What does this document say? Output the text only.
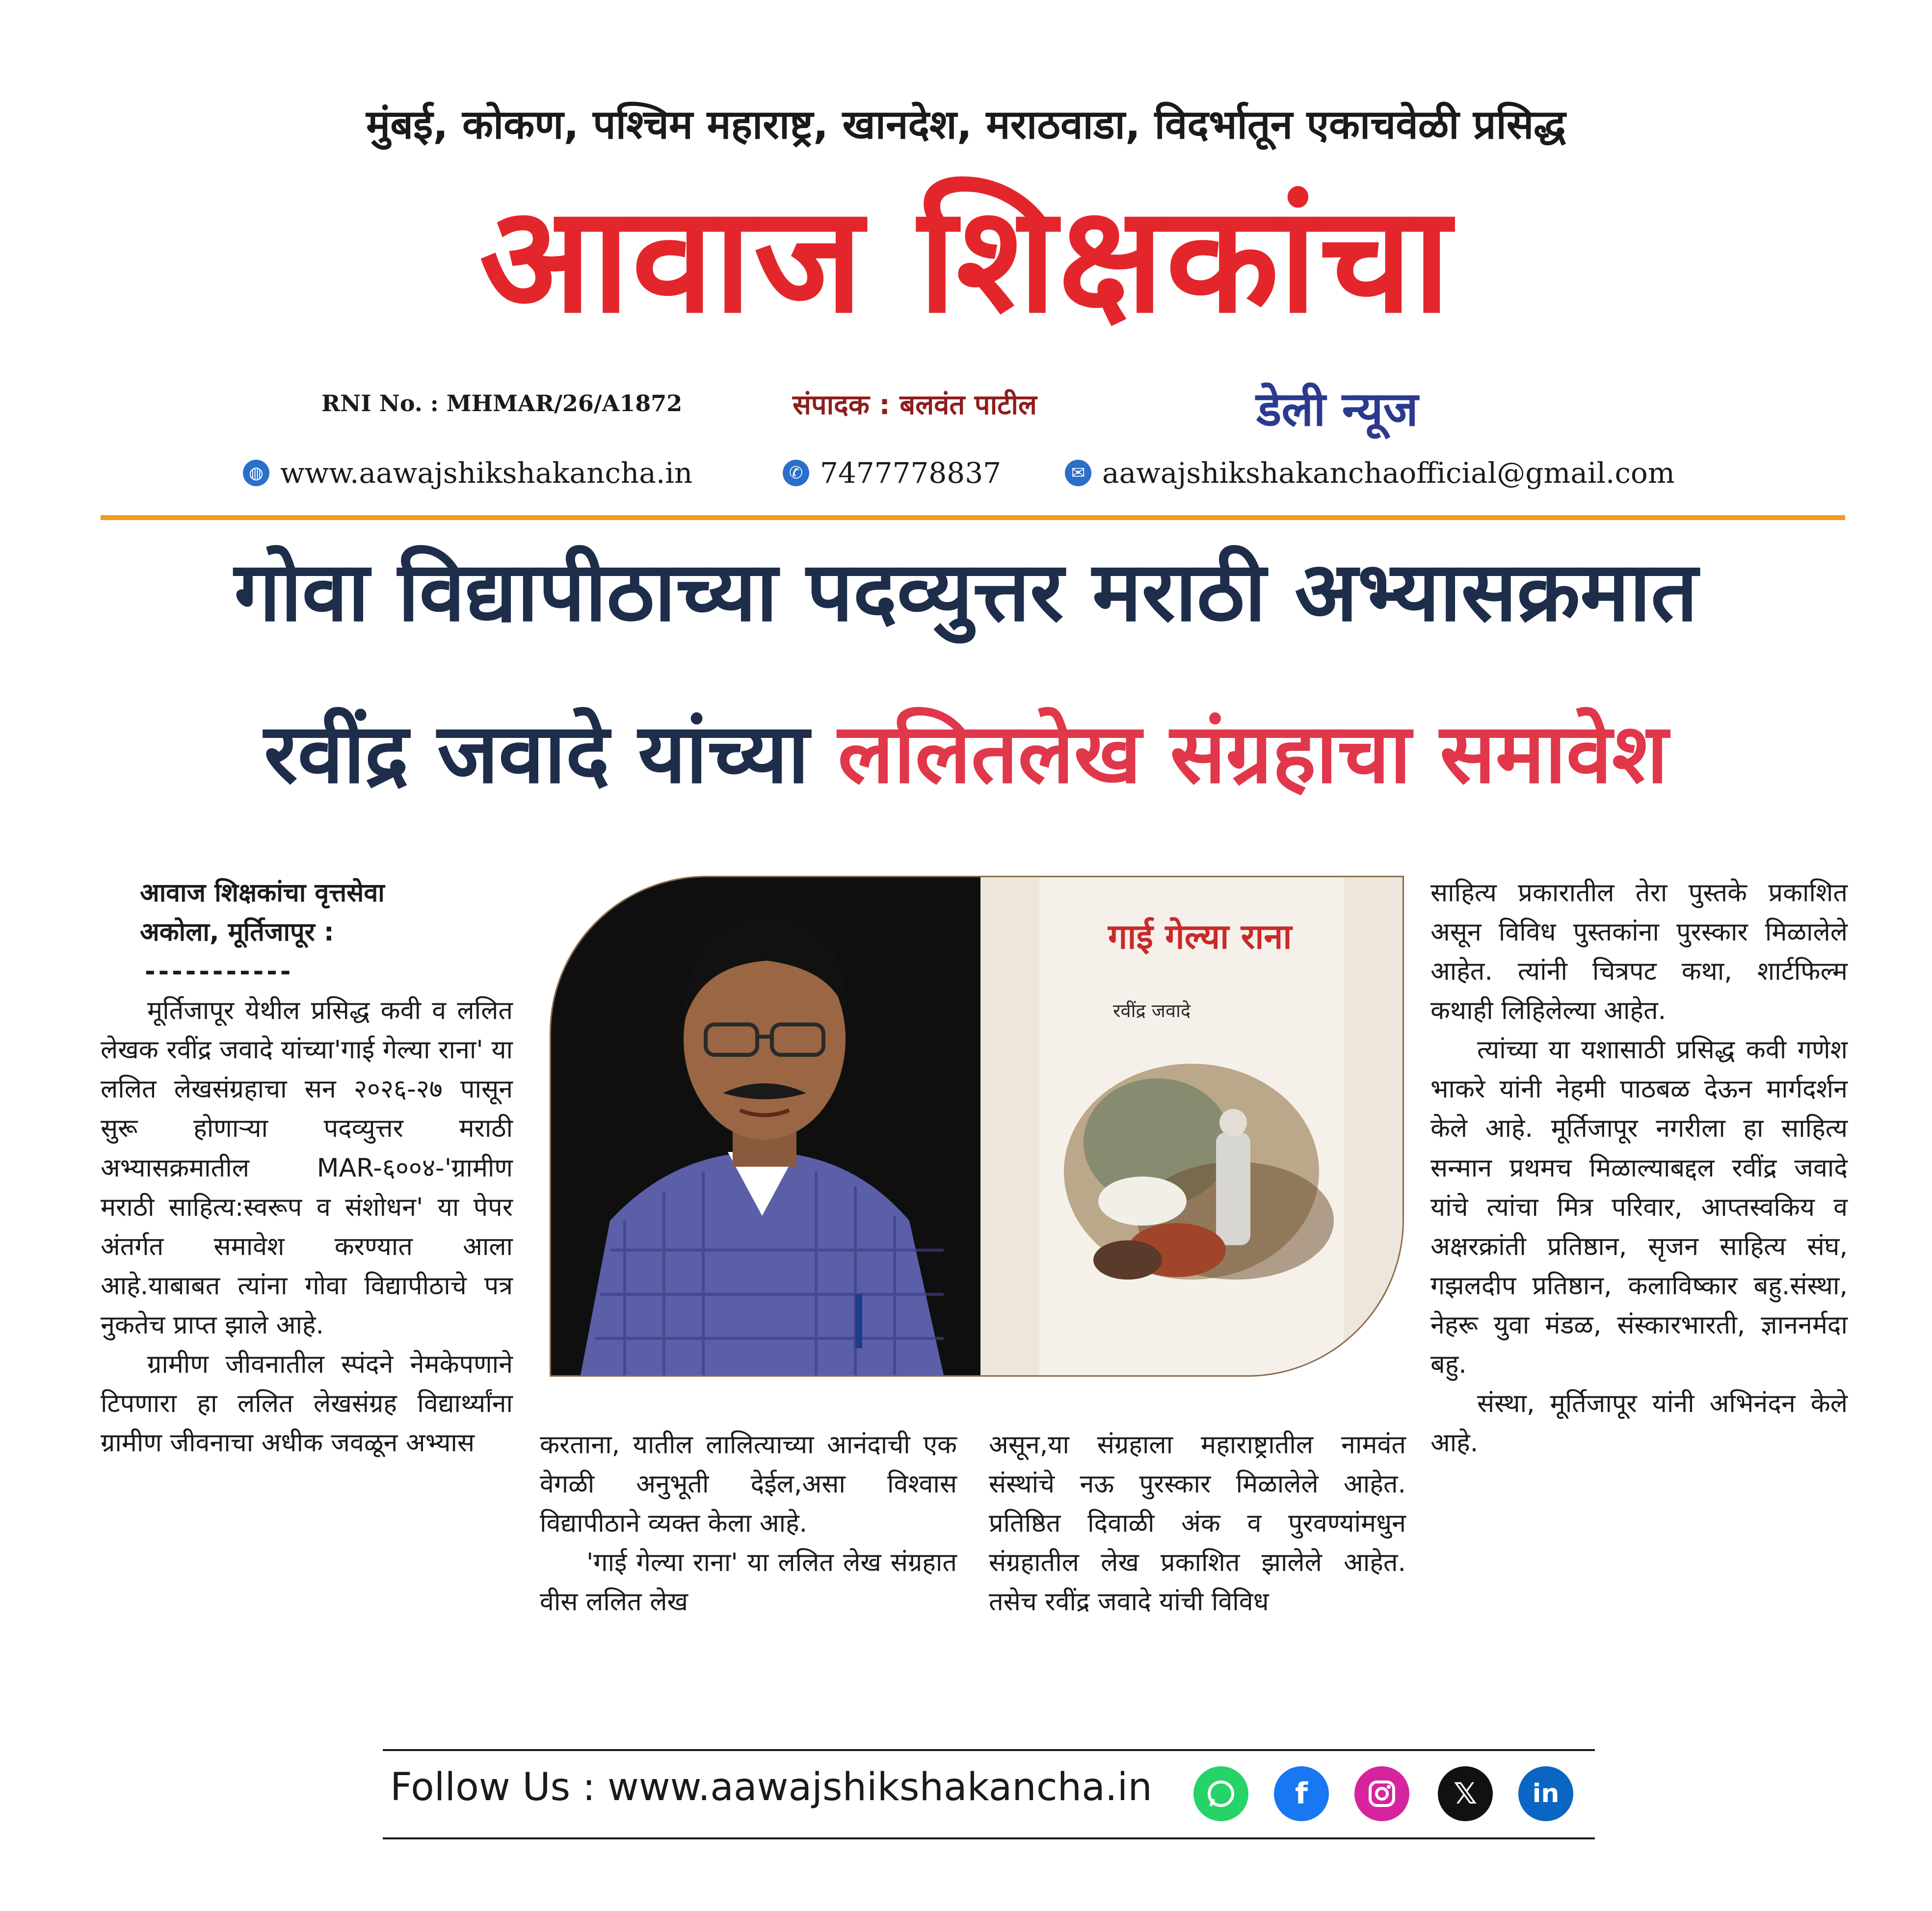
मुंबई, कोकण, पश्चिम महाराष्ट्र, खानदेश, मराठवाडा, विदर्भातून एकाचवेळी प्रसिद्ध
आवाज शिक्षकांचा
RNI No. : MHMAR/26/A1872	संपादक : बलवंत पाटील	डेली न्यूज
◍ www.aawajshikshakancha.in	✆ 7477778837	✉ aawajshikshakanchaofficial@gmail.com
गोवा विद्यापीठाच्या पदव्युत्तर मराठी अभ्यासक्रमात
रवींद्र जवादे यांच्या ललितलेख संग्रहाचा समावेश

आवाज शिक्षकांचा वृत्तसेवा

अकोला, मूर्तिजापूर :

-----------

मूर्तिजापूर येथील प्रसिद्ध कवी व ललित लेखक रवींद्र जवादे यांच्या'गाई गेल्या राना' या ललित लेखसंग्रहाचा सन २०२६-२७ पासून सुरू होणाऱ्या पदव्युत्तर मराठी अभ्यासक्रमातील MAR-६००४-'ग्रामीण मराठी साहित्य:स्वरूप व संशोधन' या पेपर अंतर्गत समावेश करण्यात आला आहे.याबाबत त्यांना गोवा विद्यापीठाचे पत्र नुकतेच प्राप्त झाले आहे.

ग्रामीण जीवनातील स्पंदने नेमकेपणाने टिपणारा हा ललित लेखसंग्रह विद्यार्थ्यांना ग्रामीण जीवनाचा अधीक जवळून अभ्यास

गाई गेल्या राना
रवींद्र जवादे

करताना, यातील लालित्याच्या आनंदाची एक वेगळी अनुभूती देईल,असा विश्वास विद्यापीठाने व्यक्त केला आहे.

'गाई गेल्या राना' या ललित लेख संग्रहात वीस ललित लेख

असून,या संग्रहाला महाराष्ट्रातील नामवंत संस्थांचे नऊ पुरस्कार मिळालेले आहेत. प्रतिष्ठित दिवाळी अंक व पुरवण्यांमधुन संग्रहातील लेख प्रकाशित झालेले आहेत. तसेच रवींद्र जवादे यांची विविध

साहित्य प्रकारातील तेरा पुस्तके प्रकाशित असून विविध पुस्तकांना पुरस्कार मिळालेले आहेत. त्यांनी चित्रपट कथा, शार्टफिल्म कथाही लिहिलेल्या आहेत.

त्यांच्या या यशासाठी प्रसिद्ध कवी गणेश भाकरे यांनी नेहमी पाठबळ देऊन मार्गदर्शन केले आहे. मूर्तिजापूर नगरीला हा साहित्य सन्मान प्रथमच मिळाल्याबद्दल रवींद्र जवादे यांचे त्यांचा मित्र परिवार, आप्तस्वकिय व अक्षरक्रांती प्रतिष्ठान, सृजन साहित्य संघ, गझलदीप प्रतिष्ठान, कलाविष्कार बहु.संस्था, नेहरू युवा मंडळ, संस्कारभारती, ज्ञाननर्मदा बहु.

संस्था, मूर्तिजापूर यांनी अभिनंदन केले आहे.

Follow Us : www.aawajshikshakancha.in	f	𝕏	in
